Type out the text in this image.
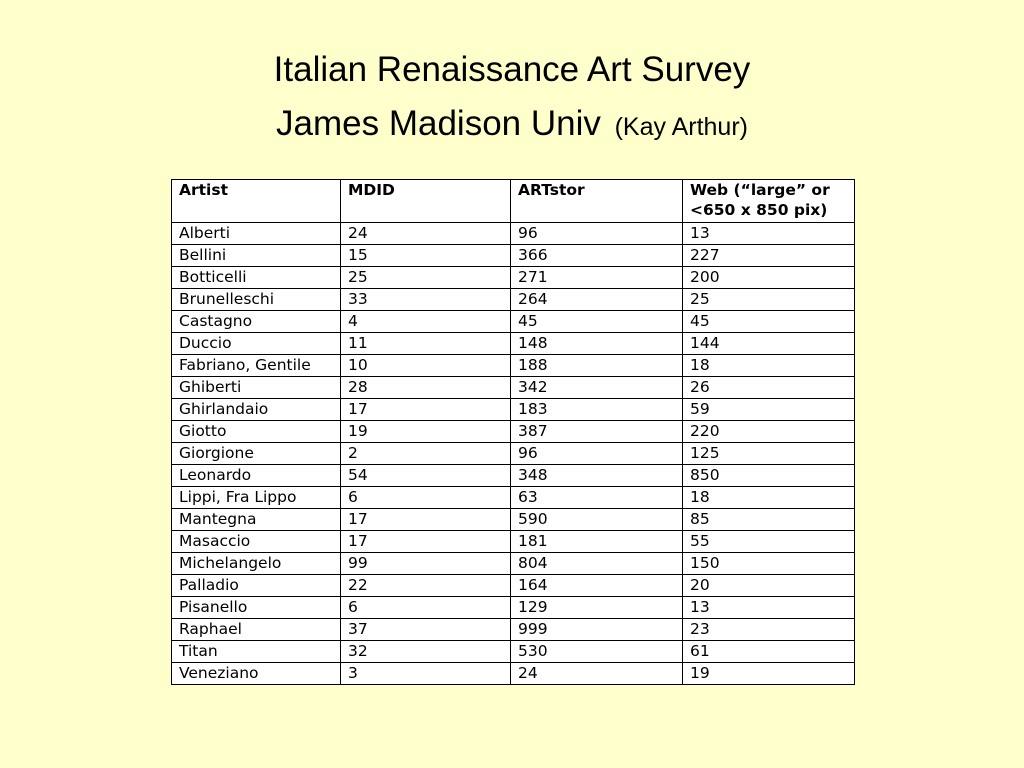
Italian Renaissance Art Survey
James Madison Univ (Kay Arthur)
Artist	MDID	ARTstor	Web (“large” or <650 x 850 pix)
Alberti	24	96	13
Bellini	15	366	227
Botticelli	25	271	200
Brunelleschi	33	264	25
Castagno	4	45	45
Duccio	11	148	144
Fabriano, Gentile	10	188	18
Ghiberti	28	342	26
Ghirlandaio	17	183	59
Giotto	19	387	220
Giorgione	2	96	125
Leonardo	54	348	850
Lippi, Fra Lippo	6	63	18
Mantegna	17	590	85
Masaccio	17	181	55
Michelangelo	99	804	150
Palladio	22	164	20
Pisanello	6	129	13
Raphael	37	999	23
Titan	32	530	61
Veneziano	3	24	19
